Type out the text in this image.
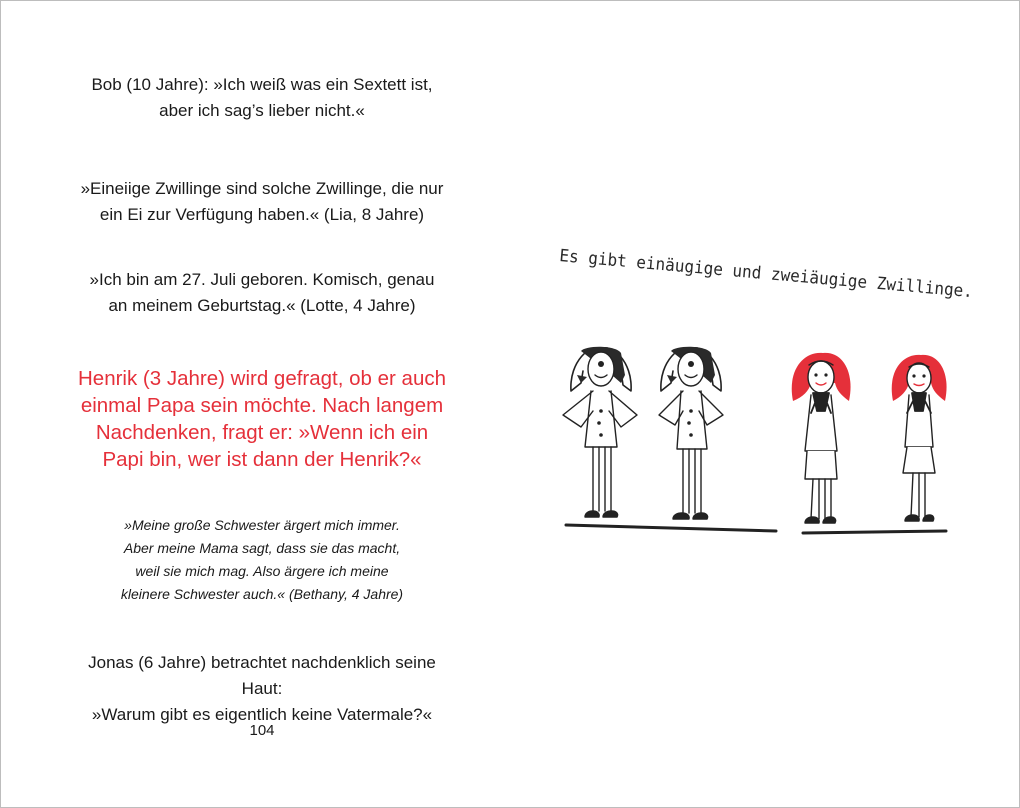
Bob (10 Jahre): »Ich weiß was ein Sextett ist,
aber ich sag’s lieber nicht.«
»Eineiige Zwillinge sind solche Zwillinge, die nur
ein Ei zur Verfügung haben.« (Lia, 8 Jahre)
»Ich bin am 27. Juli geboren. Komisch, genau
an meinem Geburtstag.« (Lotte, 4 Jahre)
Henrik (3 Jahre) wird gefragt, ob er auch
einmal Papa sein möchte. Nach langem
Nachdenken, fragt er: »Wenn ich ein
Papi bin, wer ist dann der Henrik?«
»Meine große Schwester ärgert mich immer.
Aber meine Mama sagt, dass sie das macht,
weil sie mich mag. Also ärgere ich meine
kleinere Schwester auch.« (Bethany, 4 Jahre)
Jonas (6 Jahre) betrachtet nachdenklich seine Haut:
»Warum gibt es eigentlich keine Vatermale?«
104
Es gibt einäugige und zweiäugige Zwillinge.
